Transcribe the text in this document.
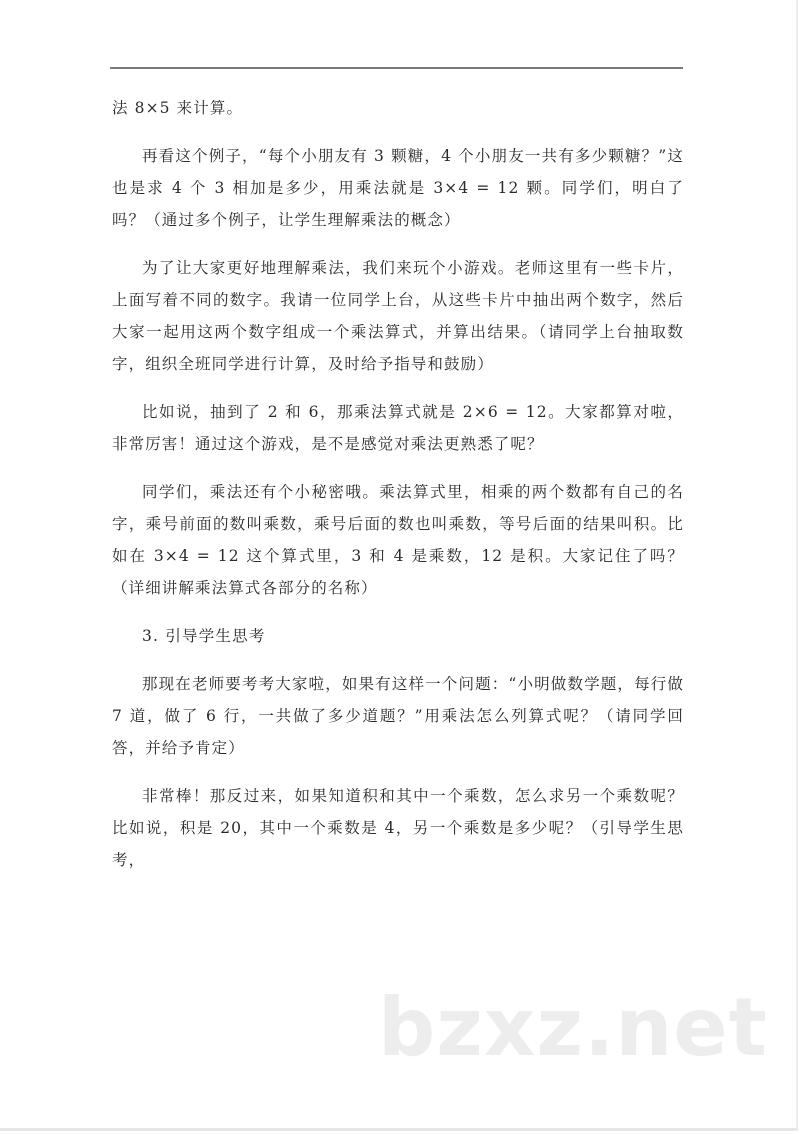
法 8×5 来计算。

再看这个例子，“每个小朋友有 3 颗糖，4 个小朋友一共有多少颗糖？”这也是求 4 个 3 相加是多少，用乘法就是 3×4 = 12 颗。同学们，明白了吗？（通过多个例子，让学生理解乘法的概念）

为了让大家更好地理解乘法，我们来玩个小游戏。老师这里有一些卡片，上面写着不同的数字。我请一位同学上台，从这些卡片中抽出两个数字，然后大家一起用这两个数字组成一个乘法算式，并算出结果。（请同学上台抽取数字，组织全班同学进行计算，及时给予指导和鼓励）

比如说，抽到了 2 和 6，那乘法算式就是 2×6 = 12。大家都算对啦，非常厉害！通过这个游戏，是不是感觉对乘法更熟悉了呢？

同学们，乘法还有个小秘密哦。乘法算式里，相乘的两个数都有自己的名字，乘号前面的数叫乘数，乘号后面的数也叫乘数，等号后面的结果叫积。比如在 3×4 = 12 这个算式里，3 和 4 是乘数，12 是积。大家记住了吗？（详细讲解乘法算式各部分的名称）

3. 引导学生思考

那现在老师要考考大家啦，如果有这样一个问题：“小明做数学题，每行做 7 道，做了 6 行，一共做了多少道题？”用乘法怎么列算式呢？（请同学回答，并给予肯定）

非常棒！那反过来，如果知道积和其中一个乘数，怎么求另一个乘数呢？比如说，积是 20，其中一个乘数是 4，另一个乘数是多少呢？（引导学生思考，

bzxz.net
